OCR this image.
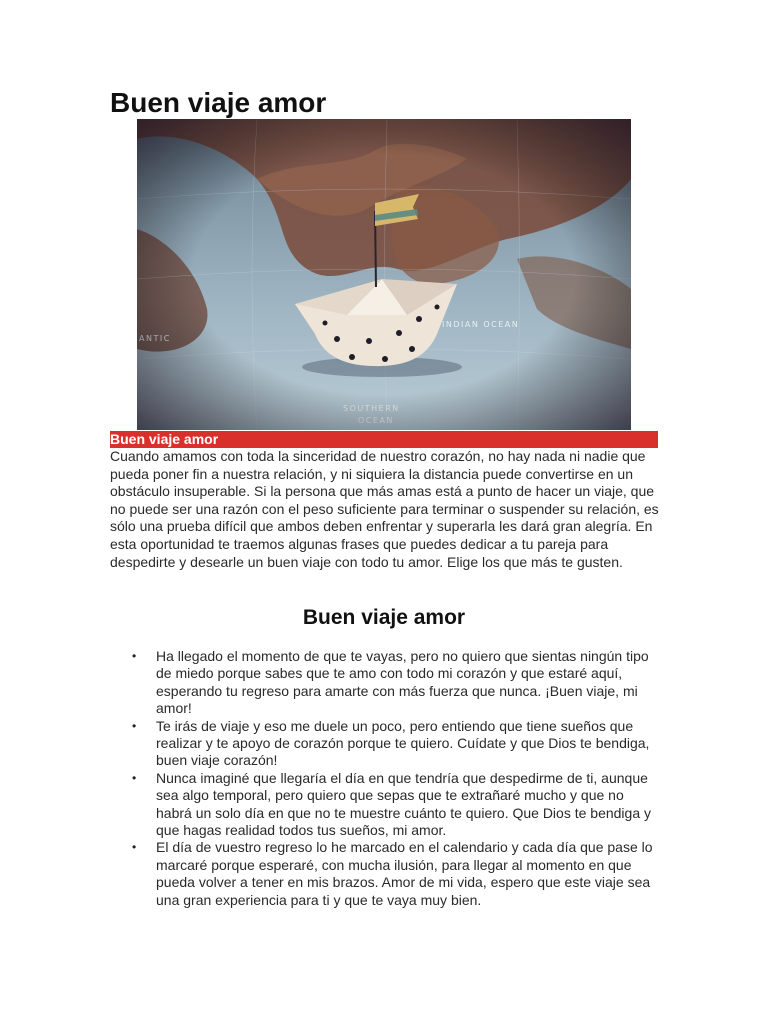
Buen viaje amor
Buen viaje amor

Cuando amamos con toda la sinceridad de nuestro corazón, no hay nada ni nadie que pueda poner fin a nuestra relación, y ni siquiera la distancia puede convertirse en un obstáculo insuperable. Si la persona que más amas está a punto de hacer un viaje, que no puede ser una razón con el peso suficiente para terminar o suspender su relación, es sólo una prueba difícil que ambos deben enfrentar y superarla les dará gran alegría. En esta oportunidad te traemos algunas frases que puedes dedicar a tu pareja para despedirte y desearle un buen viaje con todo tu amor. Elige los que más te gusten.

Buen viaje amor
• Ha llegado el momento de que te vayas, pero no quiero que sientas ningún tipo de miedo porque sabes que te amo con todo mi corazón y que estaré aquí, esperando tu regreso para amarte con más fuerza que nunca. ¡Buen viaje, mi amor!
• Te irás de viaje y eso me duele un poco, pero entiendo que tiene sueños que realizar y te apoyo de corazón porque te quiero. Cuídate y que Dios te bendiga, buen viaje corazón!
• Nunca imaginé que llegaría el día en que tendría que despedirme de ti, aunque sea algo temporal, pero quiero que sepas que te extrañaré mucho y que no habrá un solo día en que no te muestre cuánto te quiero. Que Dios te bendiga y que hagas realidad todos tus sueños, mi amor.
• El día de vuestro regreso lo he marcado en el calendario y cada día que pase lo marcaré porque esperaré, con mucha ilusión, para llegar al momento en que pueda volver a tener en mis brazos. Amor de mi vida, espero que este viaje sea una gran experiencia para ti y que te vaya muy bien.
